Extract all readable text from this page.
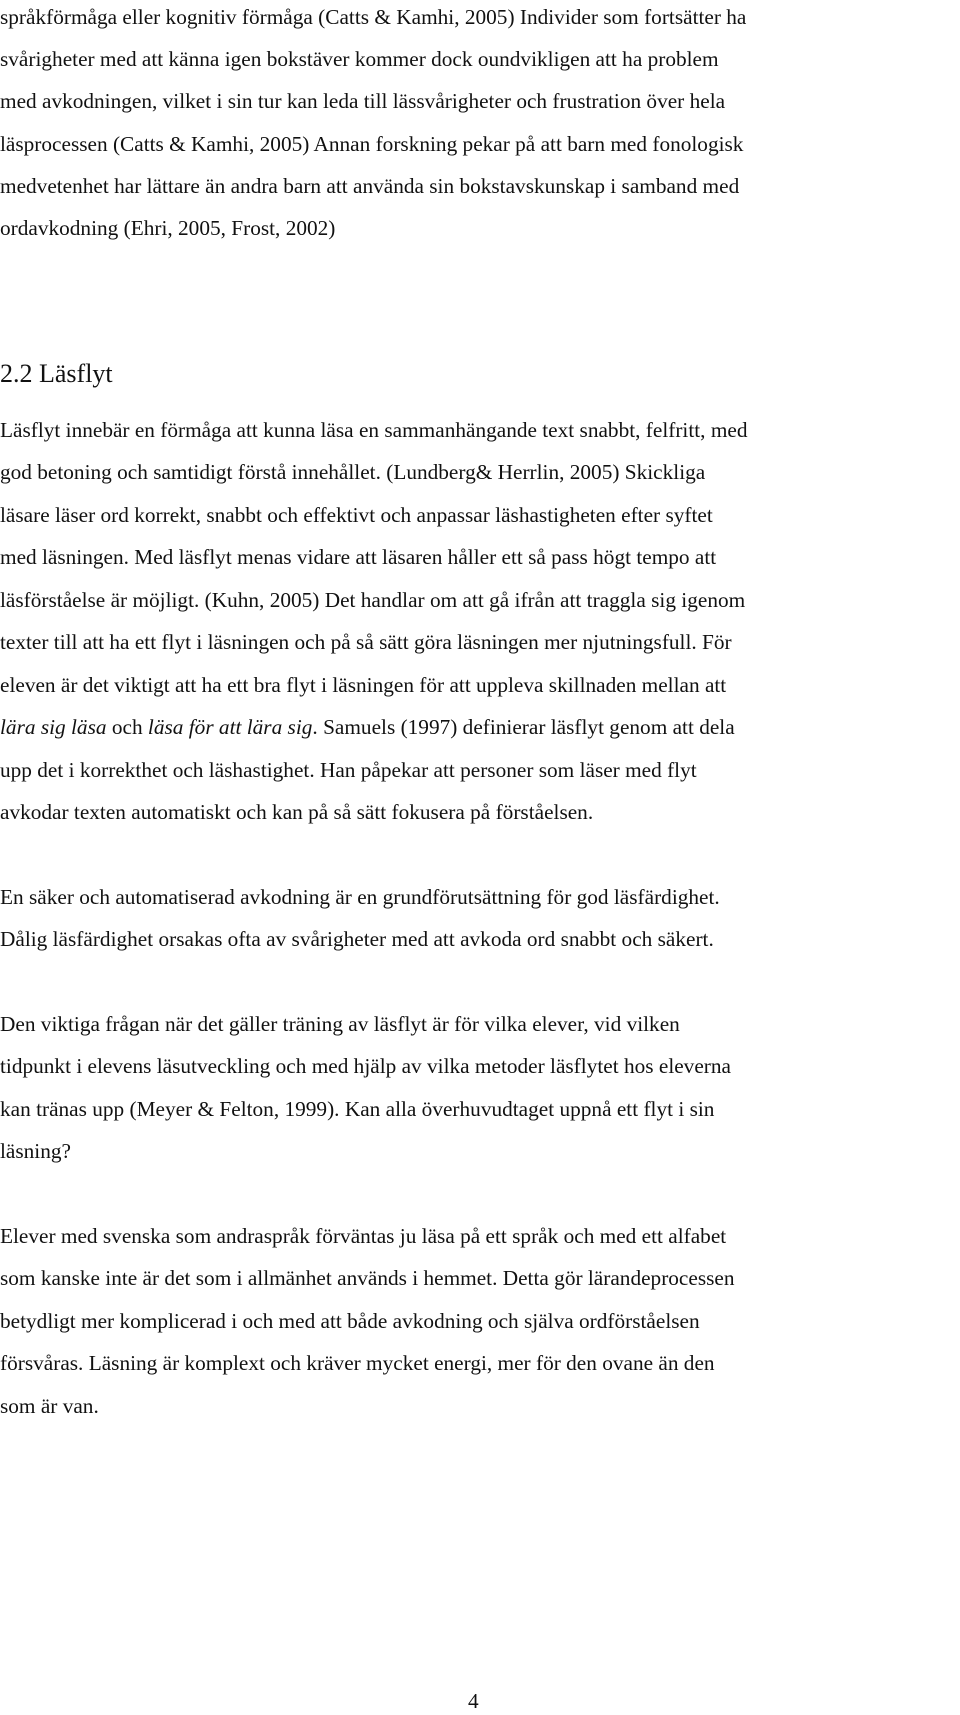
språkförmåga eller kognitiv förmåga (Catts & Kamhi, 2005) Individer som fortsätter ha
svårigheter med att känna igen bokstäver kommer dock oundvikligen att ha problem
med avkodningen, vilket i sin tur kan leda till lässvårigheter och frustration över hela
läsprocessen (Catts & Kamhi, 2005) Annan forskning pekar på att barn med fonologisk
medvetenhet har lättare än andra barn att använda sin bokstavskunskap i samband med
ordavkodning (Ehri, 2005, Frost, 2002)
2.2 Läsflyt
Läsflyt innebär en förmåga att kunna läsa en sammanhängande text snabbt, felfritt, med
god betoning och samtidigt förstå innehållet. (Lundberg& Herrlin, 2005) Skickliga
läsare läser ord korrekt, snabbt och effektivt och anpassar läshastigheten efter syftet
med läsningen. Med läsflyt menas vidare att läsaren håller ett så pass högt tempo att
läsförståelse är möjligt. (Kuhn, 2005) Det handlar om att gå ifrån att traggla sig igenom
texter till att ha ett flyt i läsningen och på så sätt göra läsningen mer njutningsfull. För
eleven är det viktigt att ha ett bra flyt i läsningen för att uppleva skillnaden mellan att
lära sig läsa och läsa för att lära sig. Samuels (1997) definierar läsflyt genom att dela
upp det i korrekthet och läshastighet. Han påpekar att personer som läser med flyt
avkodar texten automatiskt och kan på så sätt fokusera på förståelsen.
En säker och automatiserad avkodning är en grundförutsättning för god läsfärdighet.
Dålig läsfärdighet orsakas ofta av svårigheter med att avkoda ord snabbt och säkert.
Den viktiga frågan när det gäller träning av läsflyt är för vilka elever, vid vilken
tidpunkt i elevens läsutveckling och med hjälp av vilka metoder läsflytet hos eleverna
kan tränas upp (Meyer & Felton, 1999). Kan alla överhuvudtaget uppnå ett flyt i sin
läsning?
Elever med svenska som andraspråk förväntas ju läsa på ett språk och med ett alfabet
som kanske inte är det som i allmänhet används i hemmet. Detta gör lärandeprocessen
betydligt mer komplicerad i och med att både avkodning och själva ordförståelsen
försvåras. Läsning är komplext och kräver mycket energi, mer för den ovane än den
som är van.
4
